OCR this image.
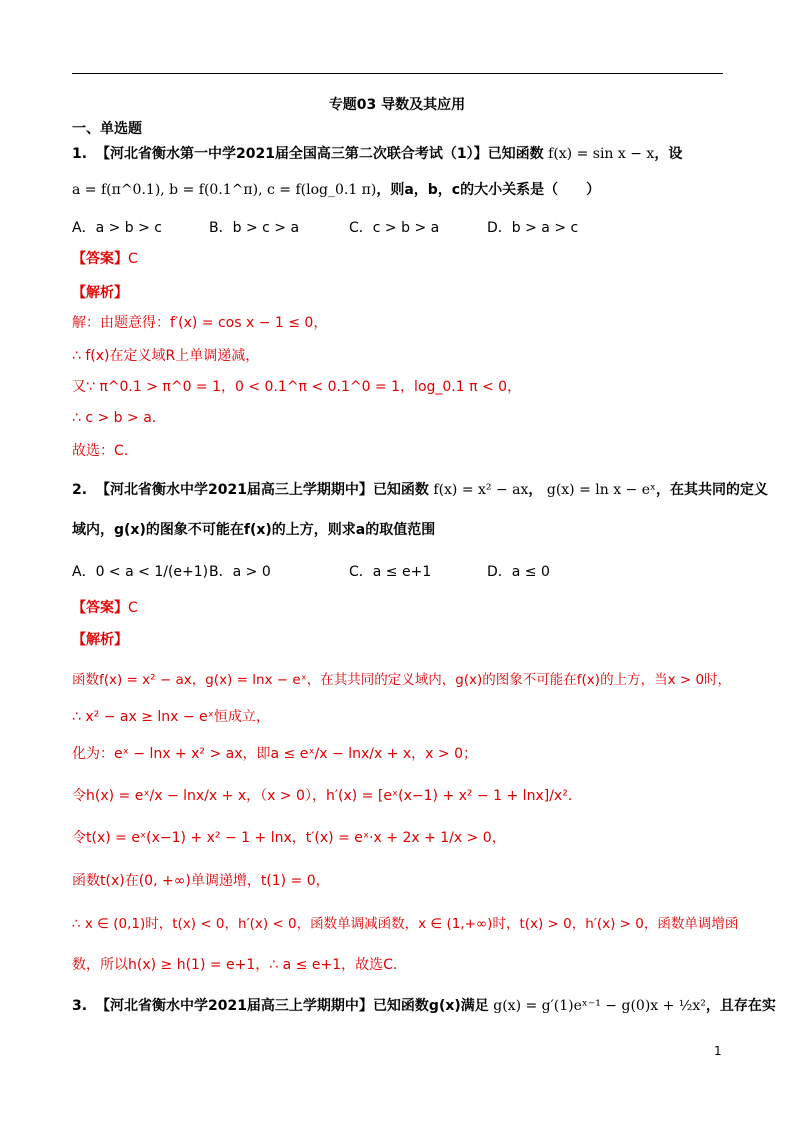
专题03 导数及其应用
一、单选题
1. 【河北省衡水第一中学2021届全国高三第二次联合考试（1）】已知函数 f(x) = sin x − x，设
a = f(π^0.1), b = f(0.1^π), c = f(log_0.1 π)，则a，b，c的大小关系是（　　）
A．a > b > c	B．b > c > a	C．c > b > a	D．b > a > c
【答案】C
【解析】
解：由题意得：f′(x) = cos x − 1 ≤ 0，
∴ f(x)在定义域R上单调递减，
又∵ π^0.1 > π^0 = 1，0 < 0.1^π < 0.1^0 = 1，log_0.1 π < 0，
∴ c > b > a．
故选：C.
2. 【河北省衡水中学2021届高三上学期期中】已知函数 f(x) = x² − ax， g(x) = ln x − eˣ，在其共同的定义
域内，g(x)的图象不可能在f(x)的上方，则求a的取值范围
A．0 < a < 1/(e+1) B．a > 0	C．a ≤ e+1	D．a ≤ 0
【答案】C
【解析】
函数f(x) = x² − ax，g(x) = lnx − eˣ，在其共同的定义域内，g(x)的图象不可能在f(x)的上方，当x > 0时，
∴ x² − ax ≥ lnx − eˣ恒成立，
化为：eˣ − lnx + x² > ax，即a ≤ eˣ/x − lnx/x + x，x > 0；
令h(x) = eˣ/x − lnx/x + x，（x > 0），h′(x) = [eˣ(x−1) + x² − 1 + lnx]/x²．
令t(x) = eˣ(x−1) + x² − 1 + lnx，t′(x) = eˣ·x + 2x + 1/x > 0，
函数t(x)在(0, +∞)单调递增，t(1) = 0，
∴ x ∈ (0,1)时，t(x) < 0，h′(x) < 0，函数单调减函数，x ∈ (1,+∞)时，t(x) > 0，h′(x) > 0，函数单调增函
数，所以h(x) ≥ h(1) = e+1，∴ a ≤ e+1，故选C.
3. 【河北省衡水中学2021届高三上学期期中】已知函数g(x)满足 g(x) = g′(1)eˣ⁻¹ − g(0)x + ½x²，且存在实
1
